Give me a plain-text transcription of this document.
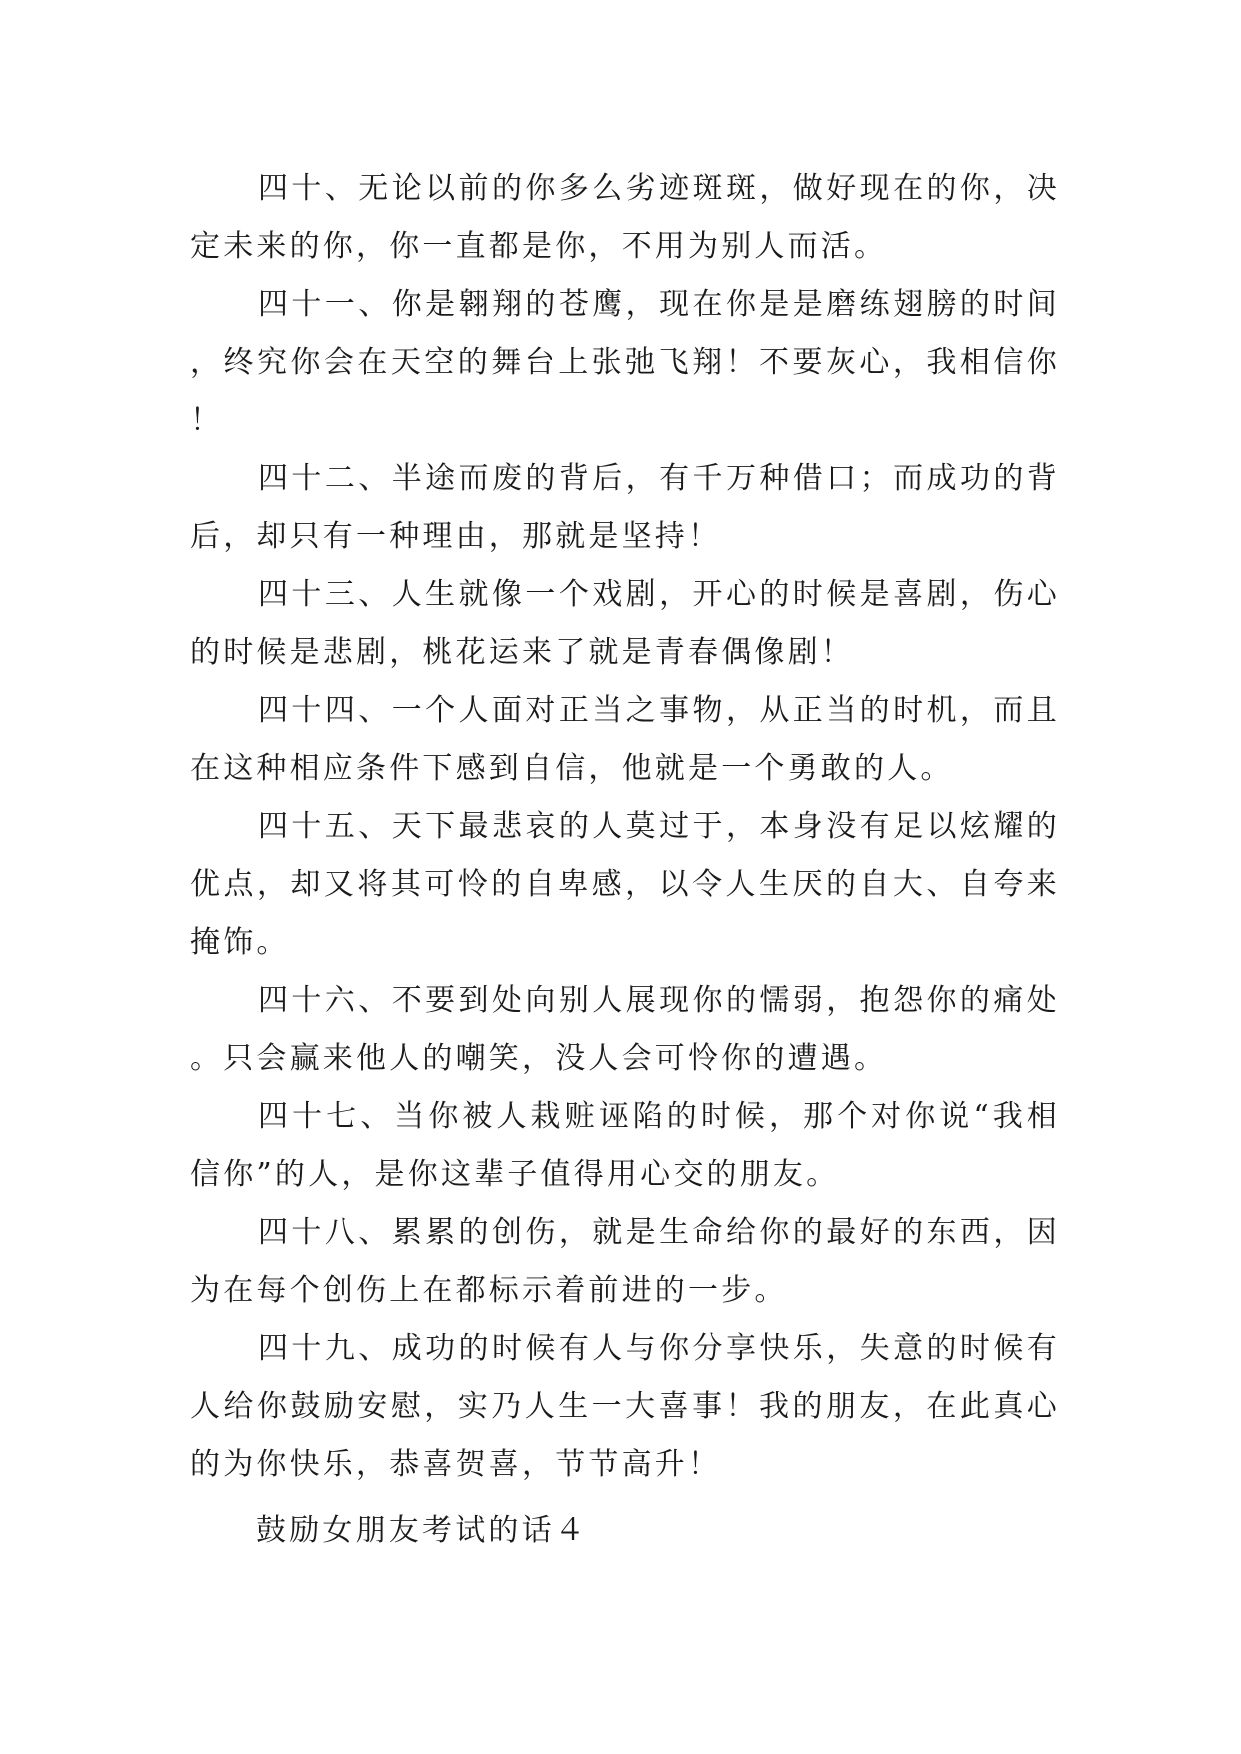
四十、无论以前的你多么劣迹斑斑，做好现在的你，决定未来的你，你一直都是你，不用为别人而活。

四十一、你是翱翔的苍鹰，现在你是是磨练翅膀的时间，终究你会在天空的舞台上张弛飞翔！不要灰心，我相信你！

四十二、半途而废的背后，有千万种借口；而成功的背后，却只有一种理由，那就是坚持！

四十三、人生就像一个戏剧，开心的时候是喜剧，伤心的时候是悲剧，桃花运来了就是青春偶像剧！

四十四、一个人面对正当之事物，从正当的时机，而且在这种相应条件下感到自信，他就是一个勇敢的人。

四十五、天下最悲哀的人莫过于，本身没有足以炫耀的优点，却又将其可怜的自卑感，以令人生厌的自大、自夸来掩饰。

四十六、不要到处向别人展现你的懦弱，抱怨你的痛处。只会赢来他人的嘲笑，没人会可怜你的遭遇。

四十七、当你被人栽赃诬陷的时候，那个对你说“我相信你”的人，是你这辈子值得用心交的朋友。

四十八、累累的创伤，就是生命给你的最好的东西，因为在每个创伤上在都标示着前进的一步。

四十九、成功的时候有人与你分享快乐，失意的时候有人给你鼓励安慰，实乃人生一大喜事！我的朋友，在此真心的为你快乐，恭喜贺喜，节节高升！

鼓励女朋友考试的话４
